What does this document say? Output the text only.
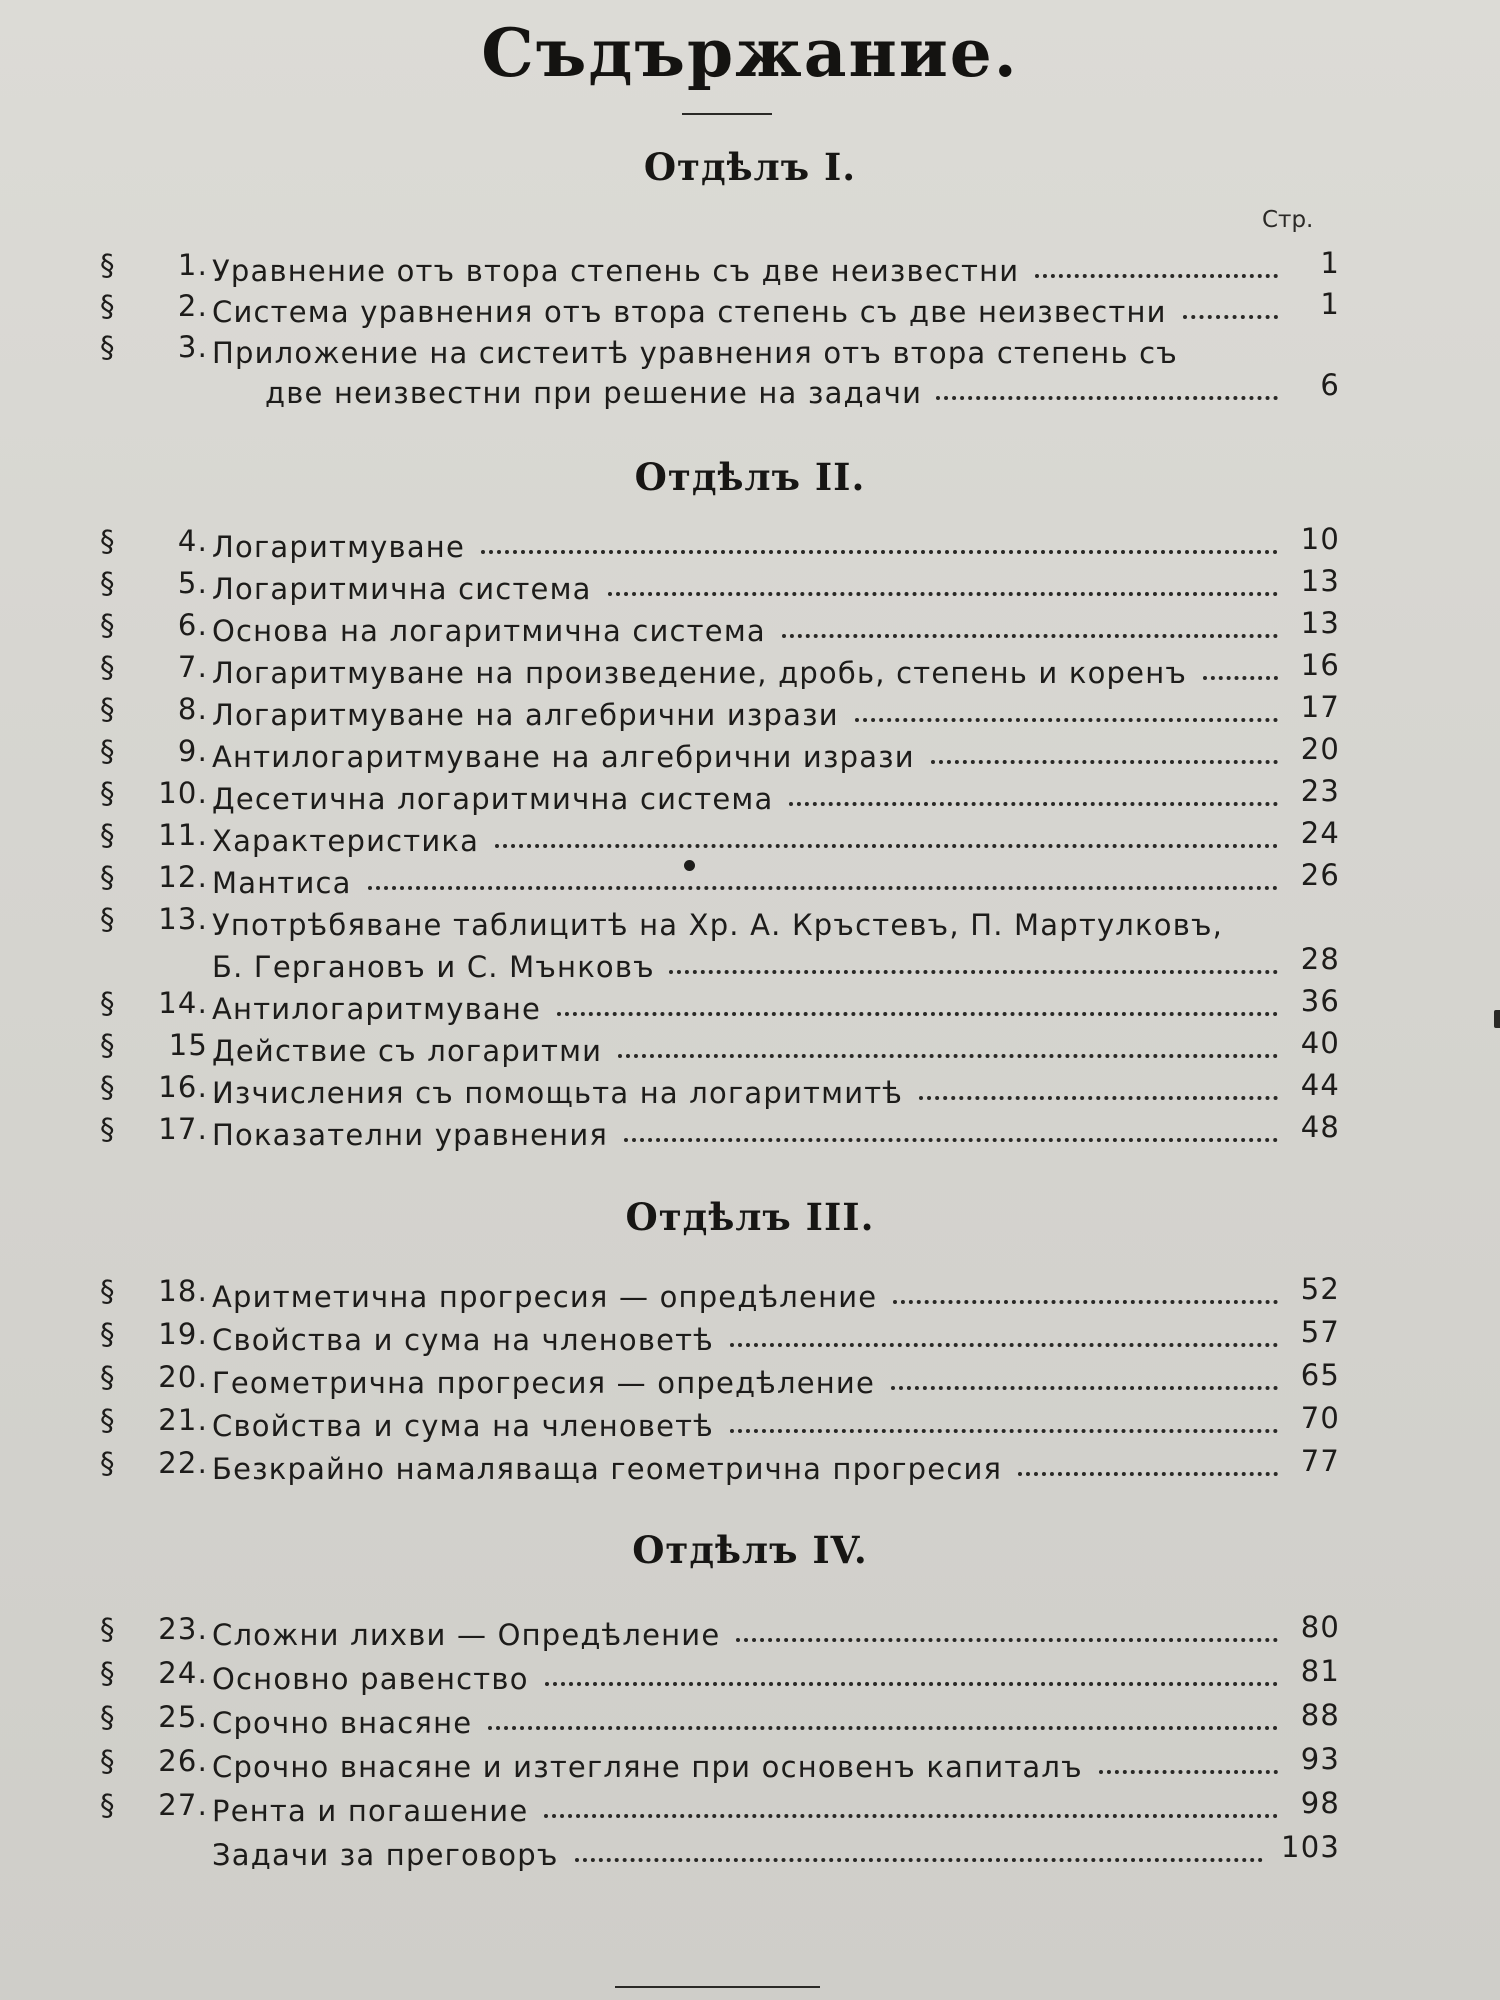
Съдържание.
Отдѣлъ I.
Стр.
§ 1. Уравнение отъ втора степень съ две неизвестни	1
§ 2. Система уравнения отъ втора степень съ две неизвестни	1
§ 3. Приложение на систеитѣ уравнения отъ втора степень съ
две неизвестни при решение на задачи	6
Отдѣлъ II.
§ 4. Логаритмуване	10
§ 5. Логаритмична система	13
§ 6. Основа на логаритмична система	13
§ 7. Логаритмуване на произведение, дробь, степень и коренъ	16
§ 8. Логаритмуване на алгебрични изрази	17
§ 9. Антилогаритмуване на алгебрични изрази	20
§ 10. Десетична логаритмична система	23
§ 11. Характеристика	24
§ 12. Мантиса	26
§ 13. Употрѣбяване таблицитѣ на Хр. А. Кръстевъ, П. Мартулковъ,
Б. Гергановъ и С. Мънковъ	28
§ 14. Антилогаритмуване	36
§ 15 Действие съ логаритми	40
§ 16. Изчисления съ помощьта на логаритмитѣ	44
§ 17. Показателни уравнения	48
Отдѣлъ III.
§ 18. Аритметична прогресия — опредѣление	52
§ 19. Свойства и сума на членоветѣ	57
§ 20. Геометрична прогресия — опредѣление	65
§ 21. Свойства и сума на членоветѣ	70
§ 22. Безкрайно намаляваща геометрична прогресия	77
Отдѣлъ IV.
§ 23. Сложни лихви — Опредѣление	80
§ 24. Основно равенство	81
§ 25. Срочно внасяне	88
§ 26. Срочно внасяне и изтегляне при основенъ капиталъ	93
§ 27. Рента и погашение	98
Задачи за преговоръ	103
